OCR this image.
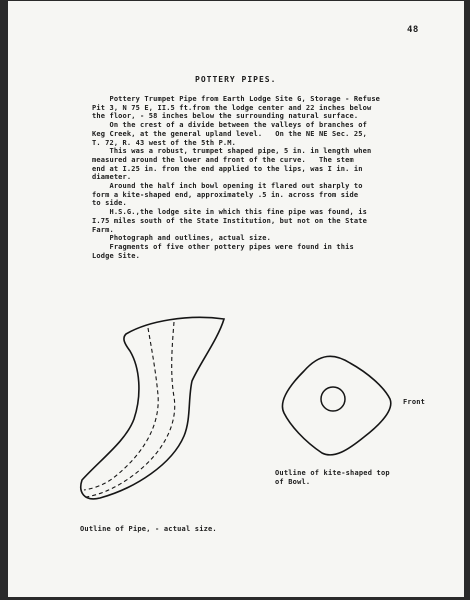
48
POTTERY PIPES.
Pottery Trumpet Pipe from Earth Lodge Site G, Storage - Refuse
Pit 3, N 75 E, II.5 ft.from the lodge center and 22 inches below
the floor, - 58 inches below the surrounding natural surface.
On the crest of a divide between the valleys of branches of
Keg Creek, at the general upland level.   On the NE NE Sec. 25,
T. 72, R. 43 west of the 5th P.M.
This was a robust, trumpet shaped pipe, 5 in. in length when
measured around the lower and front of the curve.   The stem
end at I.25 in. from the end applied to the lips, was I in. in
diameter.
Around the half inch bowl opening it flared out sharply to
form a kite-shaped end, approximately .5 in. across from side
to side.
H.S.G.,the lodge site in which this fine pipe was found, is
I.75 miles south of the State Institution, but not on the State
Farm.
Photograph and outlines, actual size.
Fragments of five other pottery pipes were found in this
Lodge Site.
Front
Outline of kite-shaped top
of Bowl.
Outline of Pipe, - actual size.
